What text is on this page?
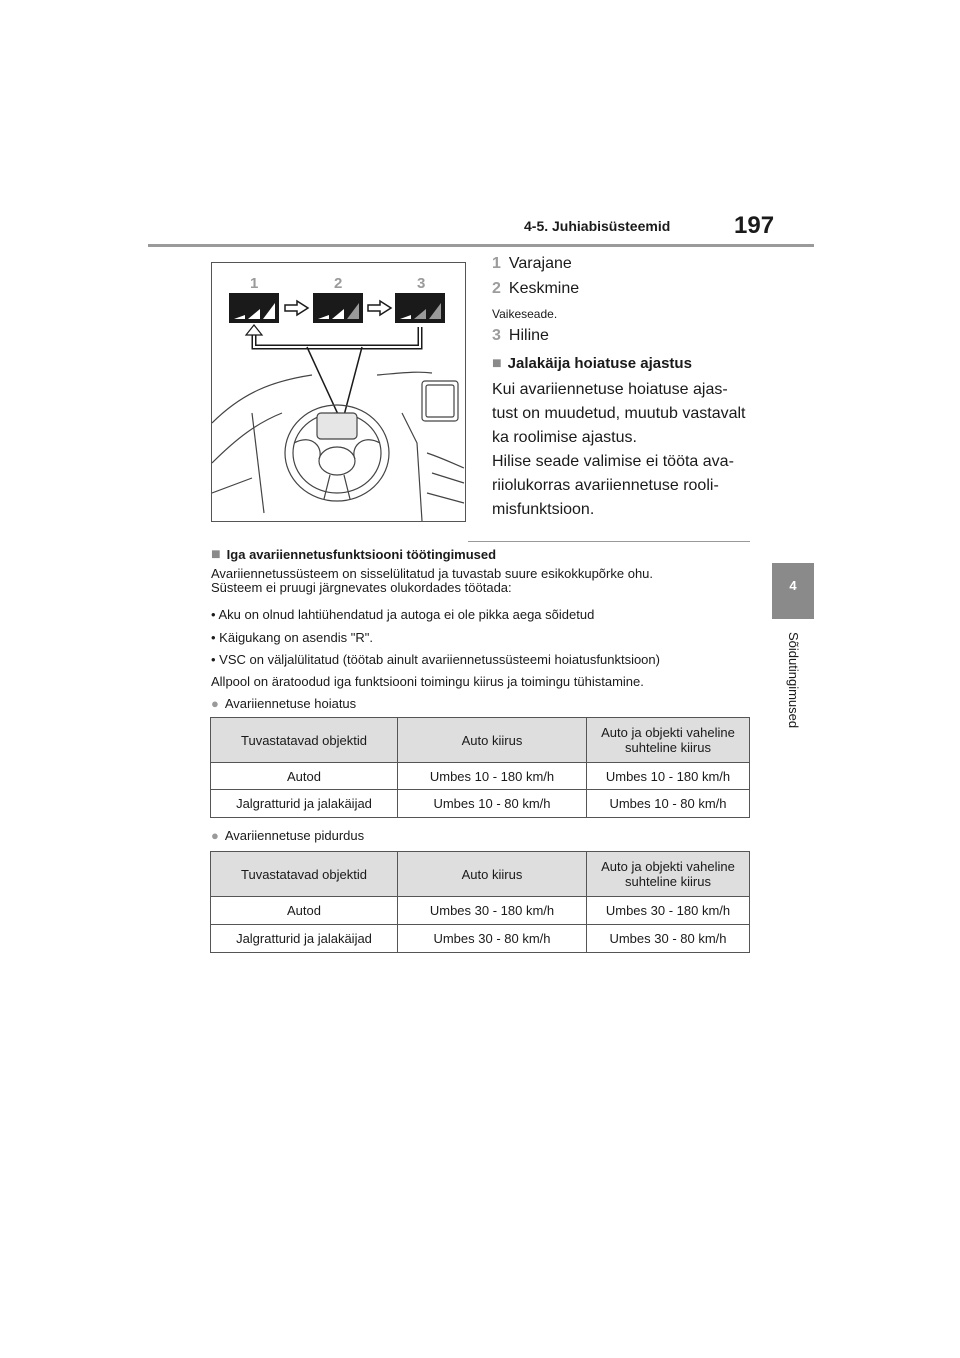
4-5. Juhiabisüsteemid	197
4
Sõidutingimused
1	2	3
1 Varajane
2 Keskmine
Vaikeseade.
3 Hiline
■ Jalakäija hoiatuse ajastus
Kui avariiennetuse hoiatuse ajas-
tust on muudetud, muutub vastavalt
ka roolimise ajastus.
Hilise seade valimise ei tööta ava-
riiolukorras avariiennetuse rooli-
misfunktsioon.
■ Iga avariiennetusfunktsiooni töötingimused
Avariiennetussüsteem on sisselülitatud ja tuvastab suure esikokkupõrke ohu.
Süsteem ei pruugi järgnevates olukordades töötada:
• Aku on olnud lahtiühendatud ja autoga ei ole pikka aega sõidetud
• Käigukang on asendis "R".
• VSC on väljalülitatud (töötab ainult avariiennetussüsteemi hoiatusfunktsioon)
Allpool on äratoodud iga funktsiooni toimingu kiirus ja toimingu tühistamine.
● Avariiennetuse hoiatus
Tuvastatavad objektid	Auto kiirus	Auto ja objekti vaheline
suhteline kiirus

Autod	Umbes 10 - 180 km/h	Umbes 10 - 180 km/h
Jalgratturid ja jalakäijad	Umbes 10 - 80 km/h	Umbes 10 - 80 km/h
● Avariiennetuse pidurdus
Tuvastatavad objektid	Auto kiirus	Auto ja objekti vaheline
suhteline kiirus

Autod	Umbes 30 - 180 km/h	Umbes 30 - 180 km/h
Jalgratturid ja jalakäijad	Umbes 30 - 80 km/h	Umbes 30 - 80 km/h
